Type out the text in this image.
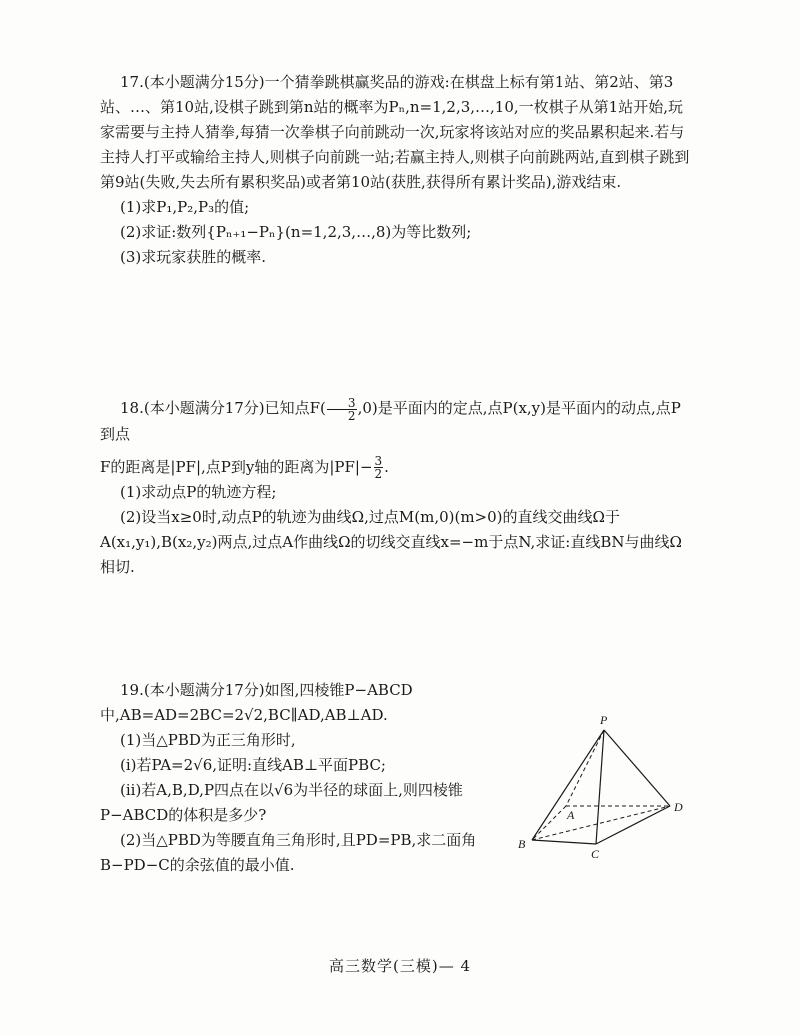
17.(本小题满分15分)一个猜拳跳棋赢奖品的游戏:在棋盘上标有第1站、第2站、第3站、…、第10站,设棋子跳到第n站的概率为Pₙ,n=1,2,3,…,10,一枚棋子从第1站开始,玩家需要与主持人猜拳,每猜一次拳棋子向前跳动一次,玩家将该站对应的奖品累积起来.若与主持人打平或输给主持人,则棋子向前跳一站;若赢主持人,则棋子向前跳两站,直到棋子跳到第9站(失败,失去所有累积奖品)或者第10站(获胜,获得所有累计奖品),游戏结束.

(1)求P₁,P₂,P₃的值;

(2)求证:数列{Pₙ₊₁−Pₙ}(n=1,2,3,…,8)为等比数列;

(3)求玩家获胜的概率.

18.(本小题满分17分)已知点$F( \frac{3}{2} ,0)$是平面内的定点,点P(x,y)是平面内的动点,点P到点

F的距离是|PF|,点P到y轴的距离为$|PF|- \frac{3}{2}$ .

(1)求动点P的轨迹方程;

(2)设当x≥0时,动点P的轨迹为曲线Ω,过点M(m,0)(m>0)的直线交曲线Ω于A(x₁,y₁),B(x₂,y₂)两点,过点A作曲线Ω的切线交直线x=−m于点N,求证:直线BN与曲线Ω相切.

19.(本小题满分17分)如图,四棱锥P−ABCD中,AB=AD=2BC=2√2,BC∥AD,AB⊥AD.

(1)当△PBD为正三角形时,

(i)若PA=2√6,证明:直线AB⊥平面PBC;

(ii)若A,B,D,P四点在以√6为半径的球面上,则四棱锥P−ABCD的体积是多少?

(2)当△PBD为等腰直角三角形时,且PD=PB,求二面角B−PD−C的余弦值的最小值.

P
A
B
C
D
高三数学(三模)— 4
